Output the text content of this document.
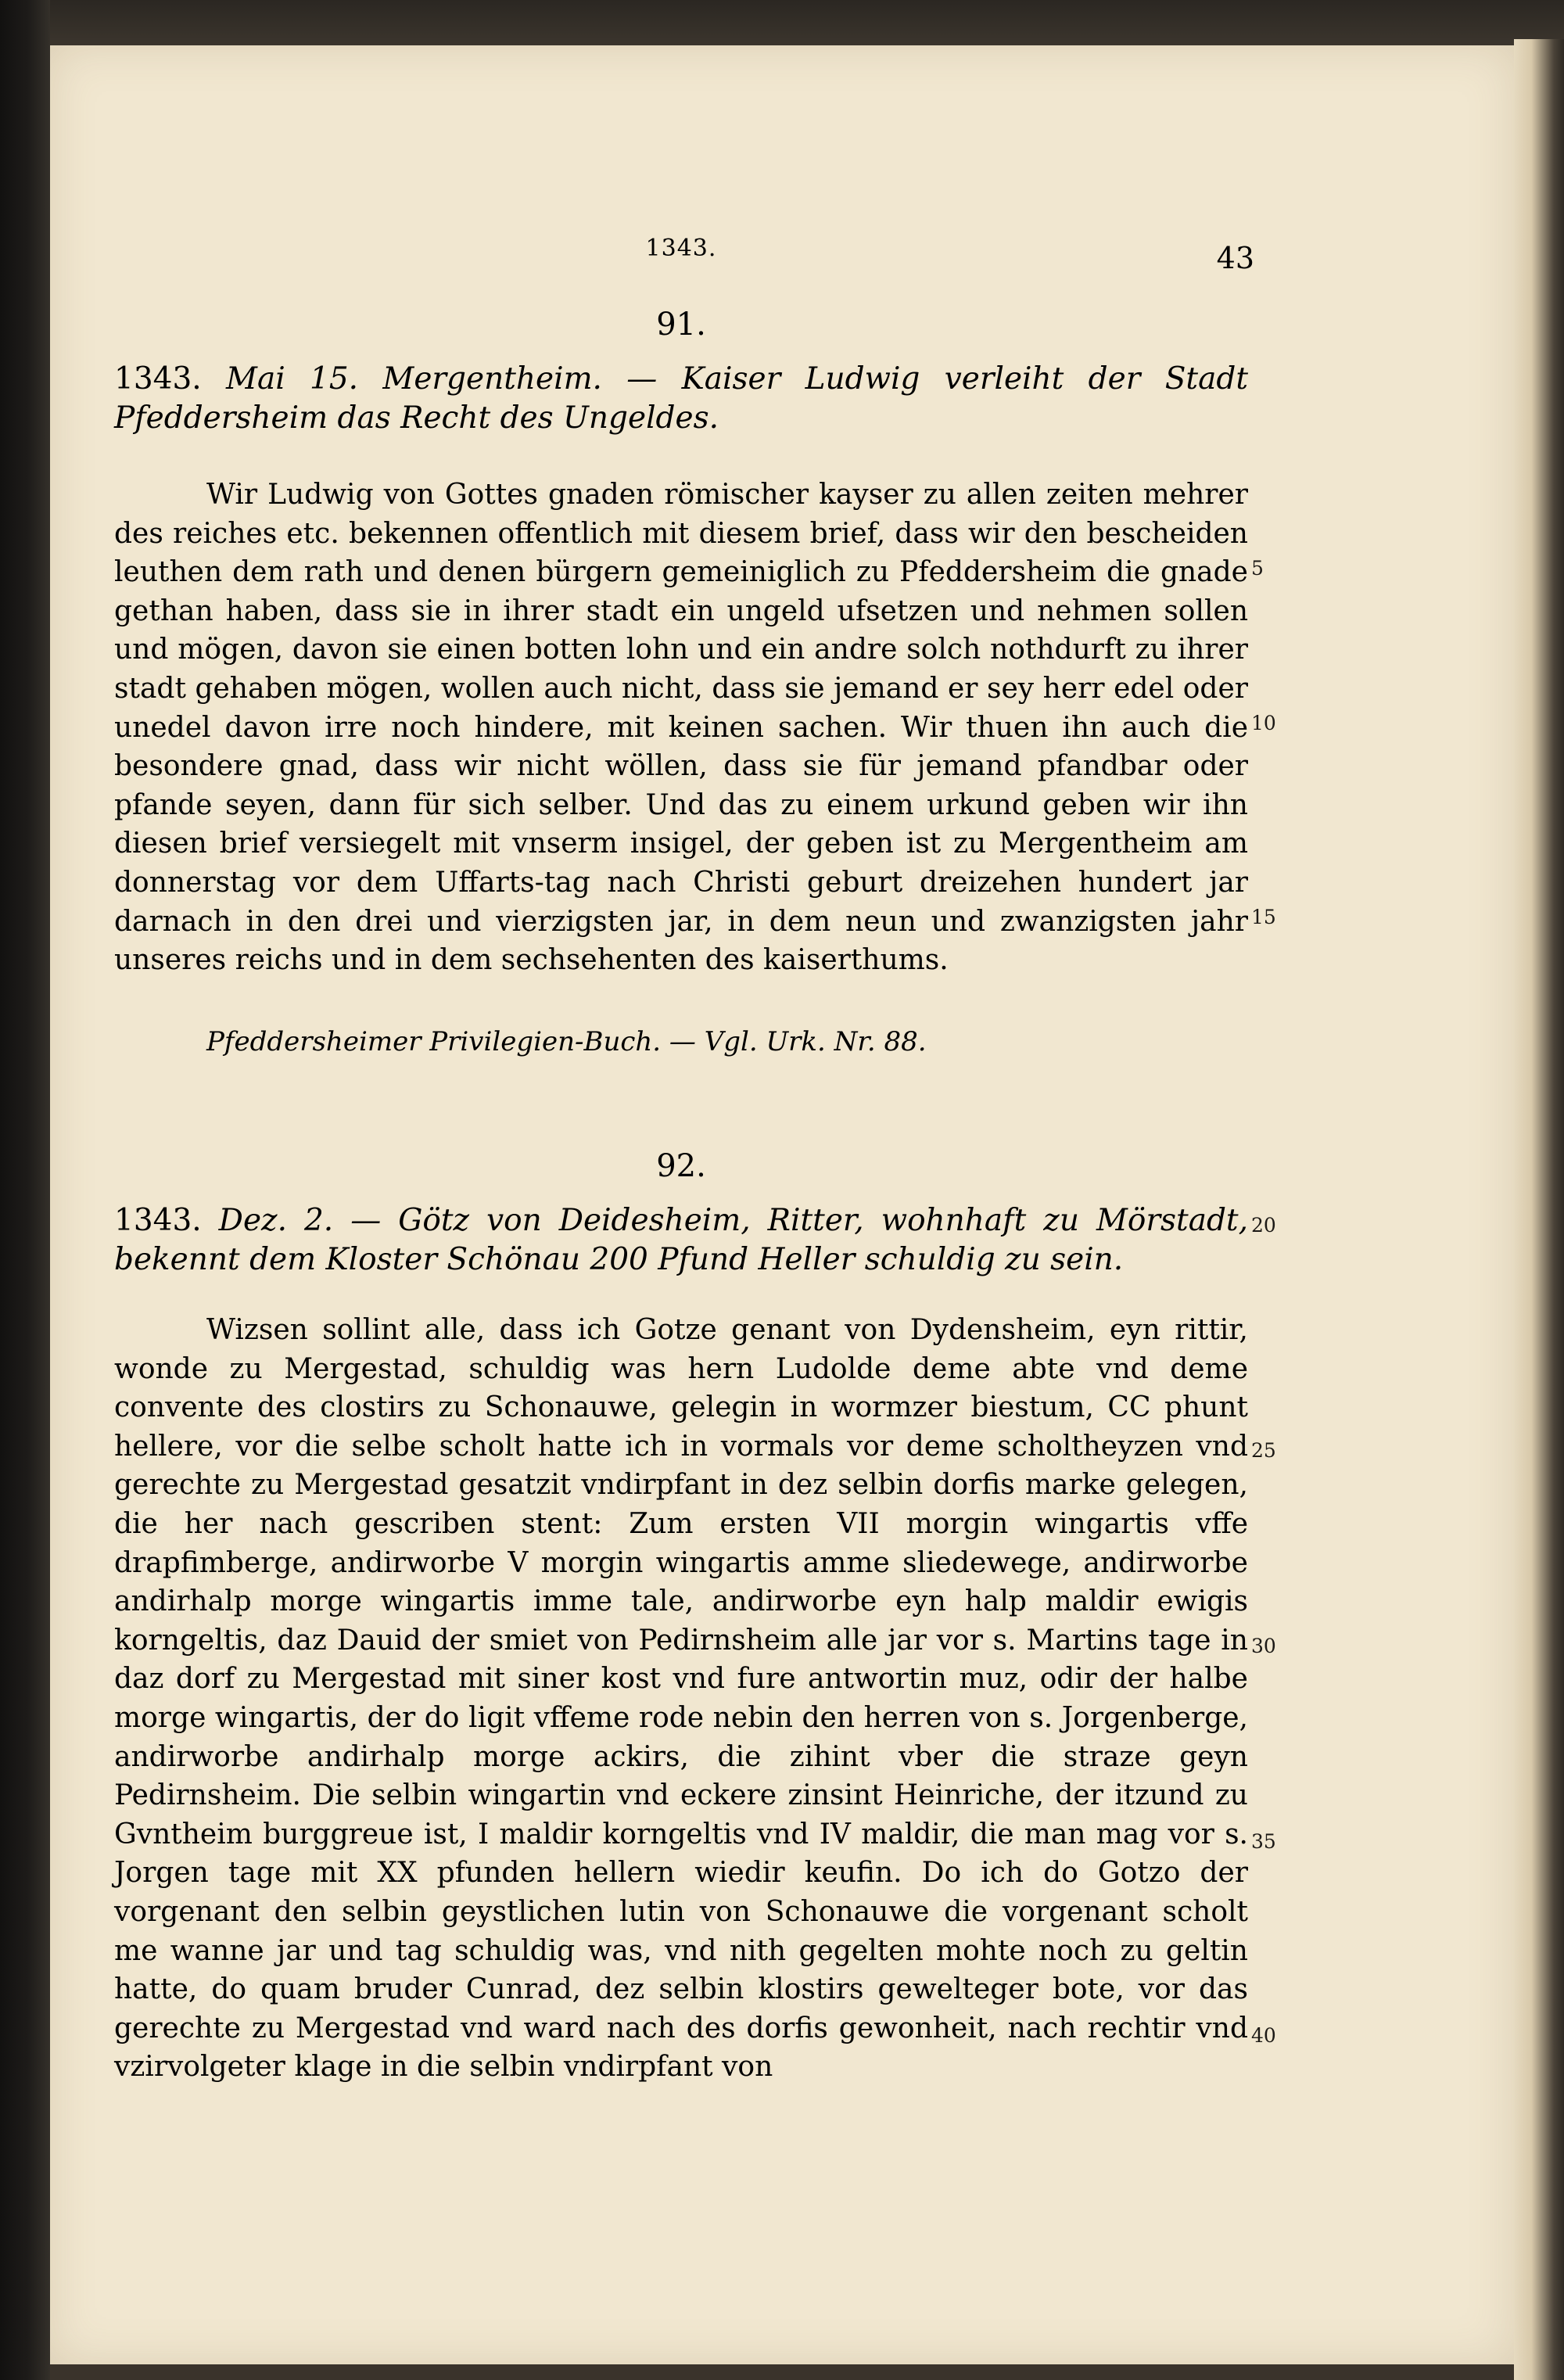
1343.	43
91.
1343. Mai 15. Mergentheim. — Kaiser Ludwig verleiht der Stadt Pfeddersheim das Recht des Ungeldes.

Wir Ludwig von Gottes gnaden römischer kayser zu allen zeiten mehrer des reiches etc. bekennen offentlich mit diesem brief, dass wir den bescheiden leuthen dem rath und denen bürgern gemeiniglich zu Pfeddersheim die gnade gethan haben, dass sie in ihrer stadt ein ungeld ufsetzen und nehmen sollen und mögen, davon sie einen botten lohn und ein andre solch nothdurft zu ihrer stadt gehaben mögen, wollen auch nicht, dass sie jemand er sey herr edel oder unedel davon irre noch hindere, mit keinen sachen. Wir thuen ihn auch die besondere gnad, dass wir nicht wöllen, dass sie für jemand pfandbar oder pfande seyen, dann für sich selber. Und das zu einem urkund geben wir ihn diesen brief versiegelt mit vnserm insigel, der geben ist zu Mergentheim am donnerstag vor dem Uffarts-tag nach Christi geburt dreizehen hundert jar darnach in den drei und vierzigsten jar, in dem neun und zwanzigsten jahr unseres reichs und in dem sechsehenten des kaiserthums.

Pfeddersheimer Privilegien-Buch. — Vgl. Urk. Nr. 88.
92.
1343. Dez. 2. — Götz von Deidesheim, Ritter, wohnhaft zu Mörstadt, bekennt dem Kloster Schönau 200 Pfund Heller schuldig zu sein.

Wizsen sollint alle, dass ich Gotze genant von Dydensheim, eyn rittir, wonde zu Mergestad, schuldig was hern Ludolde deme abte vnd deme convente des clostirs zu Schonauwe, gelegin in wormzer biestum, CC phunt hellere, vor die selbe scholt hatte ich in vormals vor deme scholtheyzen vnd gerechte zu Mergestad gesatzit vndirpfant in dez selbin dorfis marke gelegen, die her nach gescriben stent: Zum ersten VII morgin wingartis vffe drapfimberge, andirworbe V morgin wingartis amme sliedewege, andirworbe andirhalp morge wingartis imme tale, andirworbe eyn halp maldir ewigis korngeltis, daz Dauid der smiet von Pedirnsheim alle jar vor s. Martins tage in daz dorf zu Mergestad mit siner kost vnd fure antwortin muz, odir der halbe morge wingartis, der do ligit vffeme rode nebin den herren von s. Jorgenberge, andirworbe andirhalp morge ackirs, die zihint vber die straze geyn Pedirnsheim. Die selbin wingartin vnd eckere zinsint Heinriche, der itzund zu Gvntheim burggreue ist, I maldir korngeltis vnd IV maldir, die man mag vor s. Jorgen tage mit XX pfunden hellern wiedir keufin. Do ich do Gotzo der vorgenant den selbin geystlichen lutin von Schonauwe die vorgenant scholt me wanne jar und tag schuldig was, vnd nith gegelten mohte noch zu geltin hatte, do quam bruder Cunrad, dez selbin klostirs gewelteger bote, vor das gerechte zu Mergestad vnd ward nach des dorfis gewonheit, nach rechtir vnd vzirvolgeter klage in die selbin vndirpfant von

5
10
15
20
25
30
35
40
